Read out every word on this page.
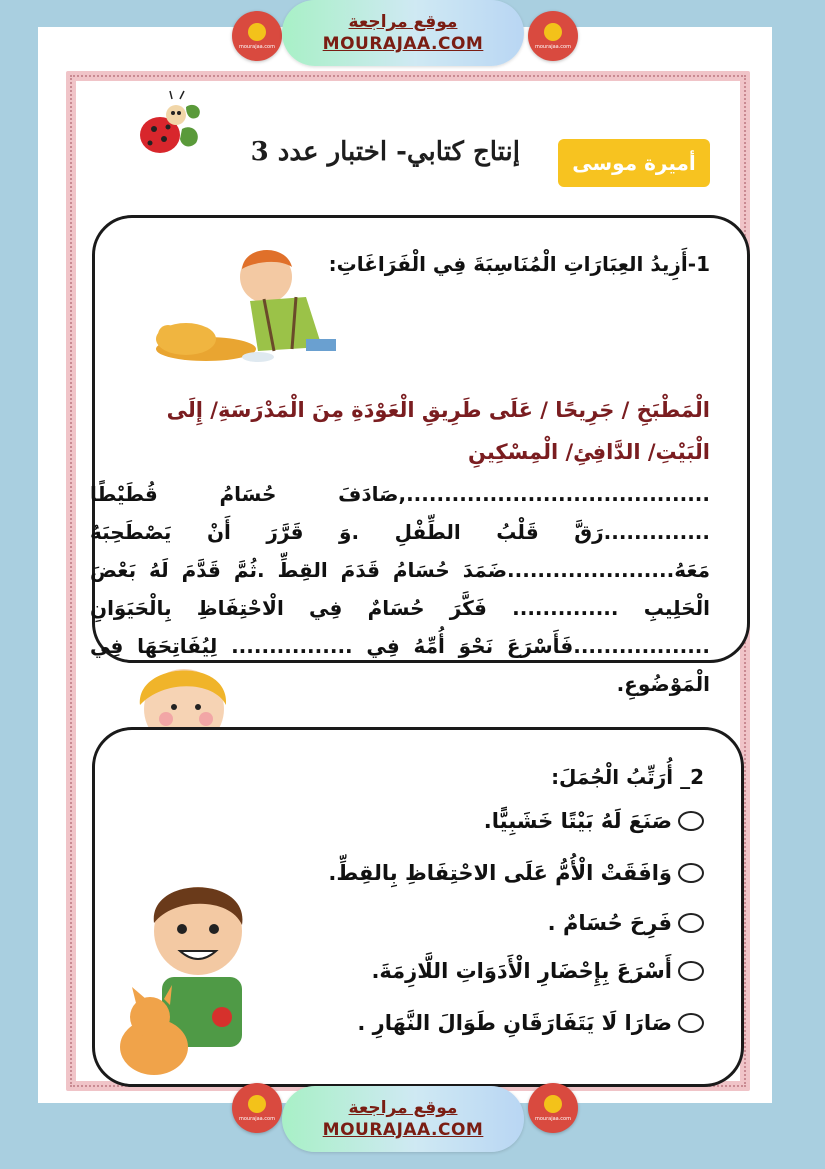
mourajaa.com
موقع مراجعة
MOURAJAA.COM	mourajaa.com
إنتاج كتابي- اختبار عدد 3	أميرة موسى
1-أَزِيدُ العِبَارَاتِ الْمُنَاسِبَةَ فِي الْفَرَاغَاتِ:
الْمَطْبَخِ / جَرِيحًا / عَلَى طَرِيقِ الْعَوْدَةِ مِنَ الْمَدْرَسَةِ/ إِلَى الْبَيْتِ/ الدَّافِئِ/ الْمِسْكِينِ
........................................,صَادَفَ حُسَامُ قُطَيْطًا ..............رَقَّ قَلْبُ الطِّفْلِ .وَ قَرَّرَ أَنْ يَصْطَحِبَهُ مَعَهُ......................ضَمَدَ حُسَامُ قَدَمَ القِطِّ .ثُمَّ قَدَّمَ لَهُ بَعْضَ الْحَلِيبِ .............. فَكَّرَ حُسَامٌ فِي الْاحْتِفَاظِ بِالْحَيَوَانِ ..................فَأَسْرَعَ نَحْوَ أُمِّهُ فِي ................ لِيُفَاتِحَهَا فِي الْمَوْضُوعِ.
2_ أُرَتِّبُ الْجُمَلَ:
صَنَعَ لَهُ بَيْتًا خَشَبِيًّا.
وَافَقَتْ الْأُمُّ عَلَى الاحْتِفَاظِ بِالقِطِّ.
فَرِحَ حُسَامٌ .
أَسْرَعَ بِإِحْضَارِ الْأَدَوَاتِ اللَّازِمَةَ.
صَارَا لَا يَتَفَارَقَانِ طَوَالَ النَّهَارِ .
mourajaa.com
موقع مراجعة
MOURAJAA.COM
mourajaa.com
